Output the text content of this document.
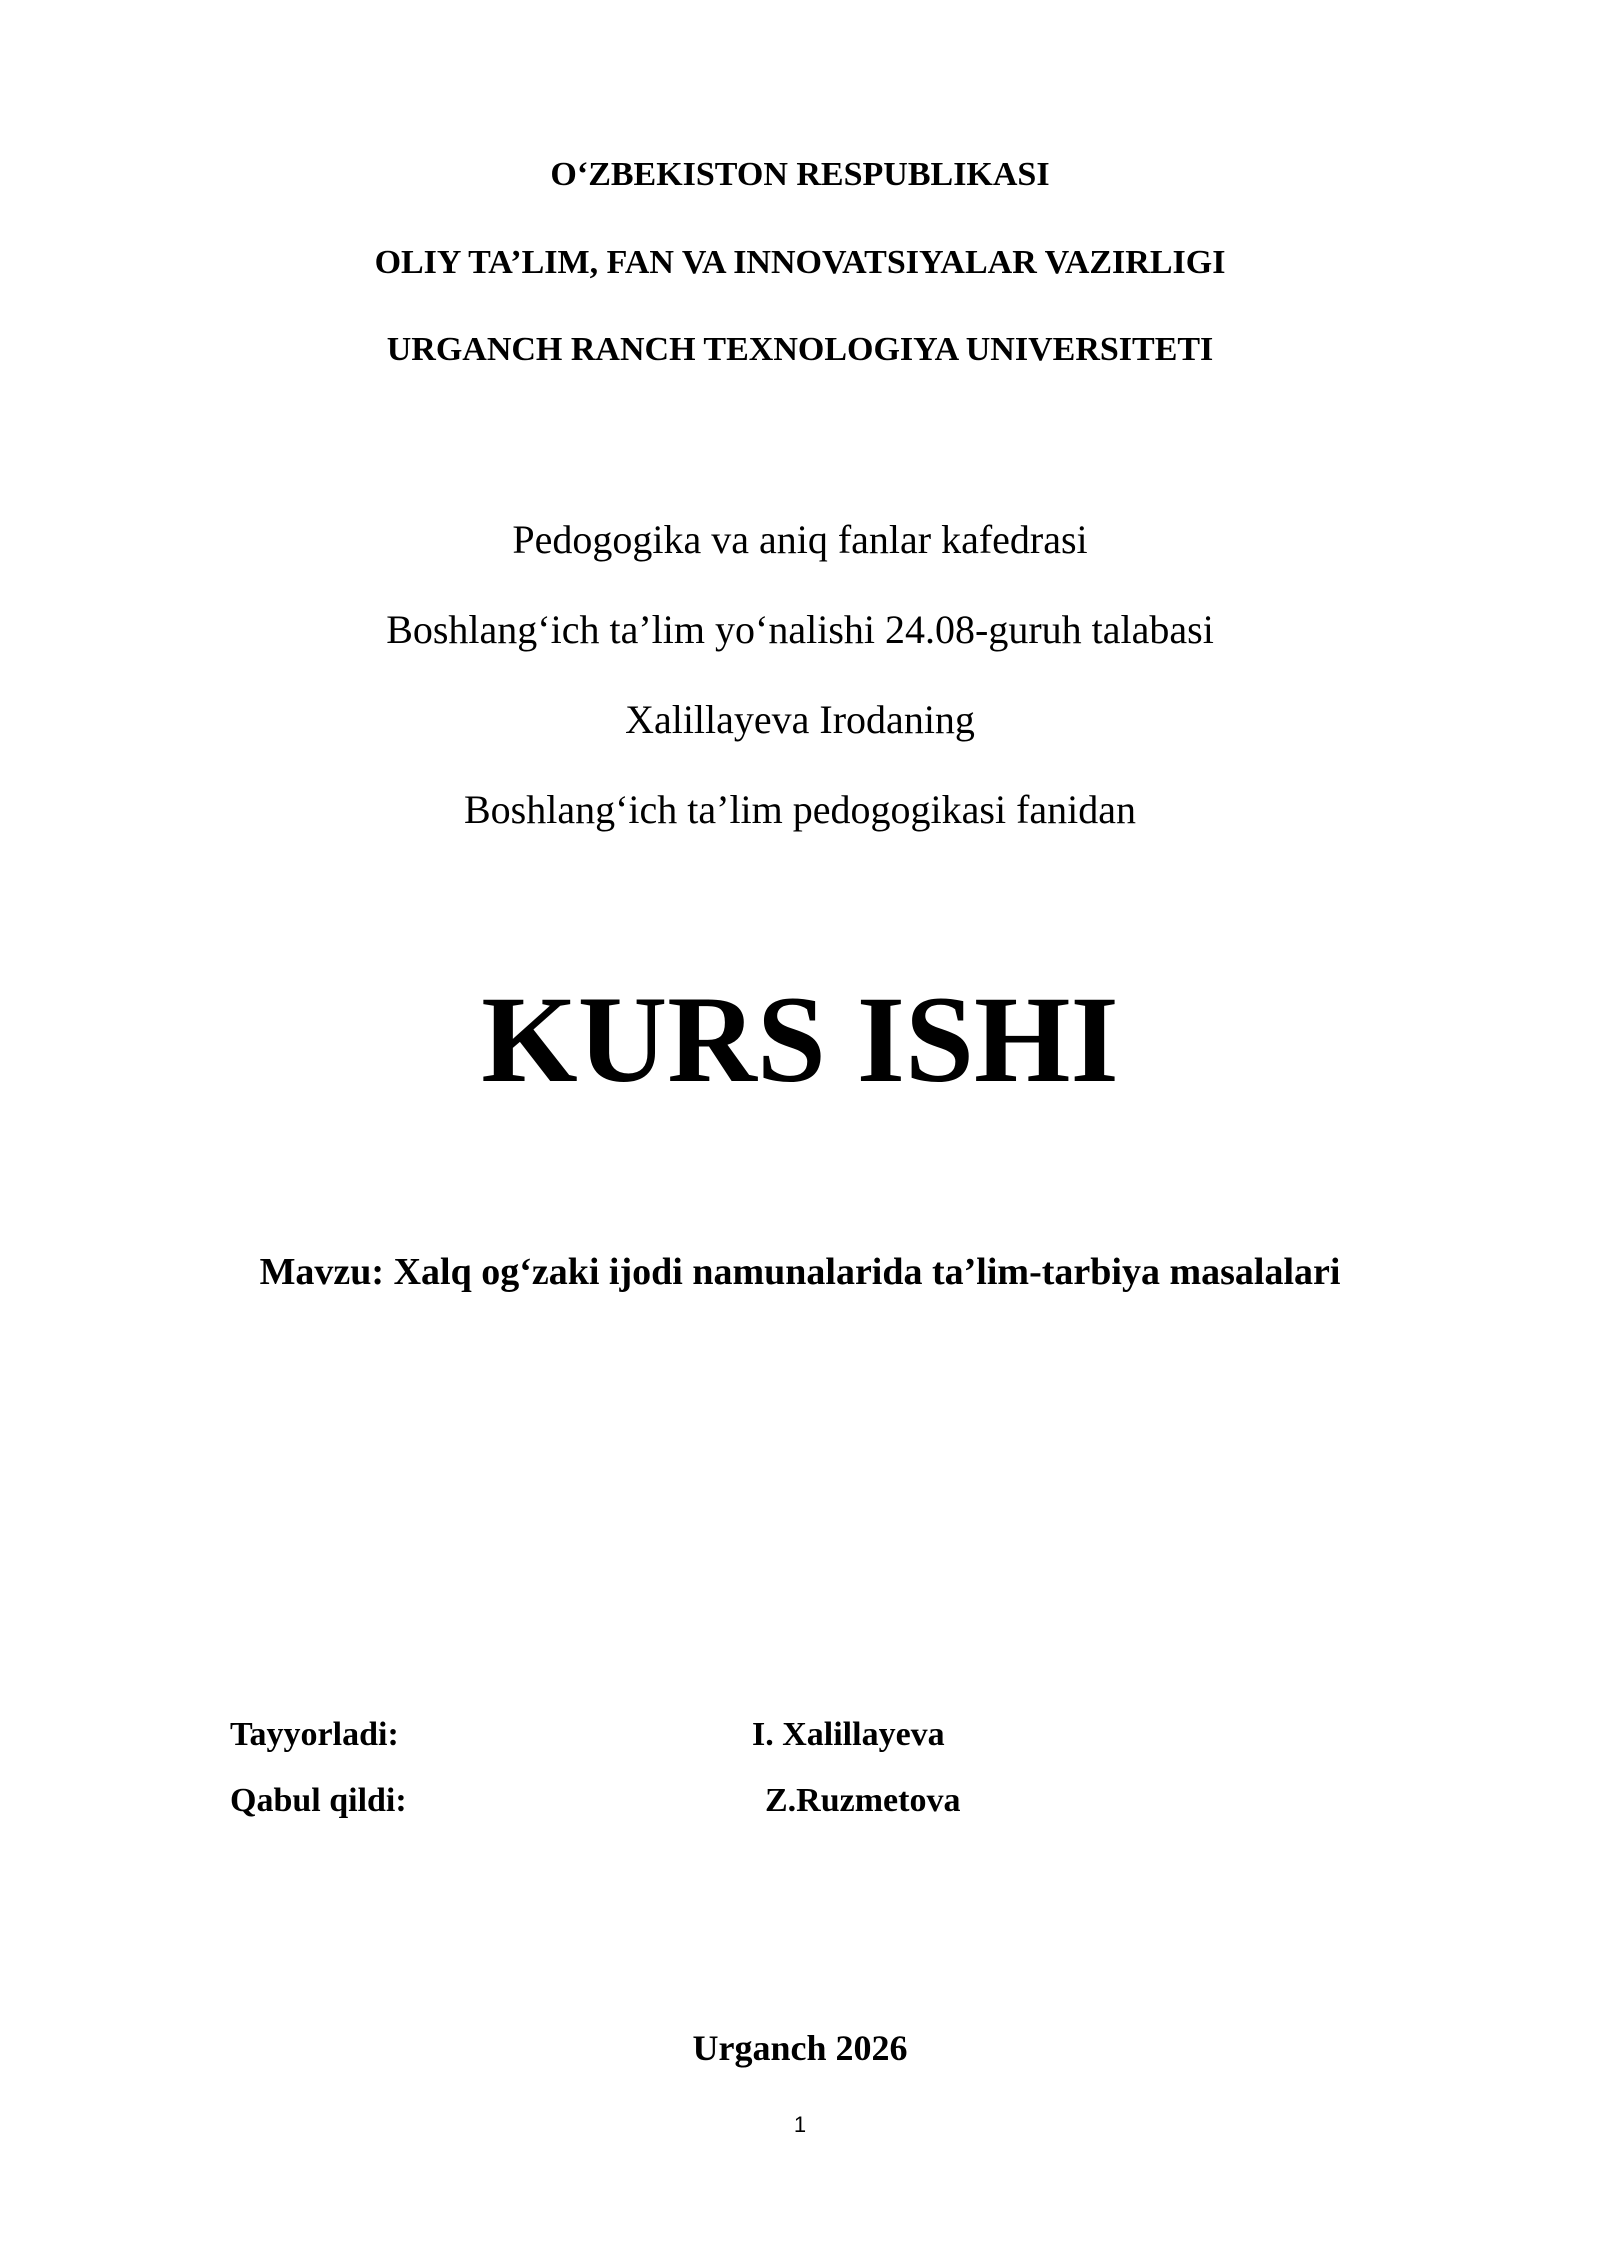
O‘ZBEKISTON RESPUBLIKASI
OLIY TA’LIM, FAN VA INNOVATSIYALAR VAZIRLIGI
URGANCH RANCH TEXNOLOGIYA UNIVERSITETI
Pedogogika va aniq fanlar kafedrasi
Boshlang‘ich ta’lim yo‘nalishi 24.08-guruh talabasi
Xalillayeva Irodaning
Boshlang‘ich ta’lim pedogogikasi fanidan
KURS ISHI
Mavzu: Xalq og‘zaki ijodi namunalarida ta’lim-tarbiya masalalari
Tayyorladi:	I. Xalillayeva
Qabul qildi:	Z.Ruzmetova
Urganch 2026
1
